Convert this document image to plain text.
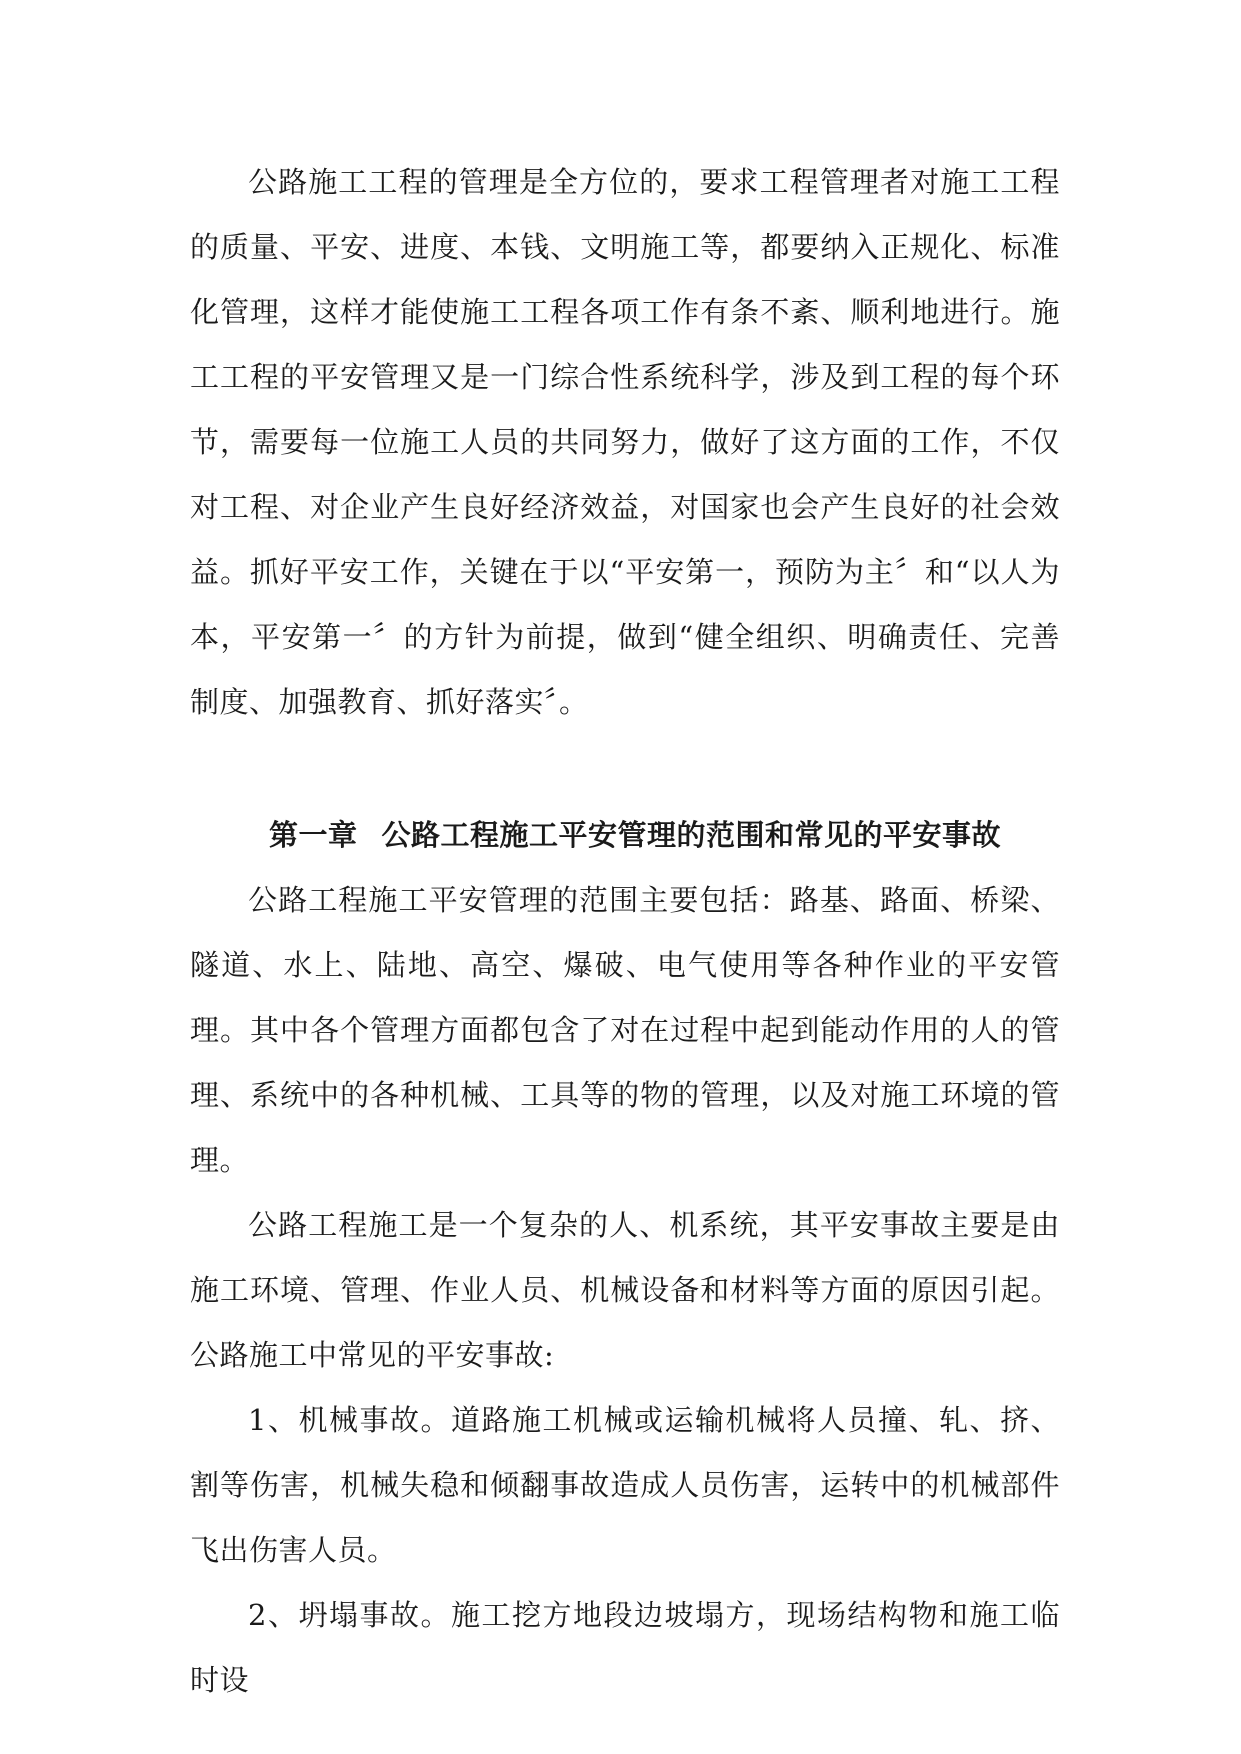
公路施工工程的管理是全方位的，要求工程管理者对施工工程的质量、平安、进度、本钱、文明施工等，都要纳入正规化、标准化管理，这样才能使施工工程各项工作有条不紊、顺利地进行。施工工程的平安管理又是一门综合性系统科学，涉及到工程的每个环节，需要每一位施工人员的共同努力，做好了这方面的工作，不仅对工程、对企业产生良好经济效益，对国家也会产生良好的社会效益。抓好平安工作，关键在于以“平安第一，预防为主〞和“以人为本，平安第一〞的方针为前提，做到“健全组织、明确责任、完善制度、加强教育、抓好落实〞。

第一章 公路工程施工平安管理的范围和常见的平安事故

公路工程施工平安管理的范围主要包括：路基、路面、桥梁、隧道、水上、陆地、高空、爆破、电气使用等各种作业的平安管理。其中各个管理方面都包含了对在过程中起到能动作用的人的管理、系统中的各种机械、工具等的物的管理，以及对施工环境的管理。

公路工程施工是一个复杂的人、机系统，其平安事故主要是由施工环境、管理、作业人员、机械设备和材料等方面的原因引起。公路施工中常见的平安事故:

1、机械事故。道路施工机械或运输机械将人员撞、轧、挤、割等伤害，机械失稳和倾翻事故造成人员伤害，运转中的机械部件飞出伤害人员。

2、坍塌事故。施工挖方地段边坡塌方，现场结构物和施工临时设
